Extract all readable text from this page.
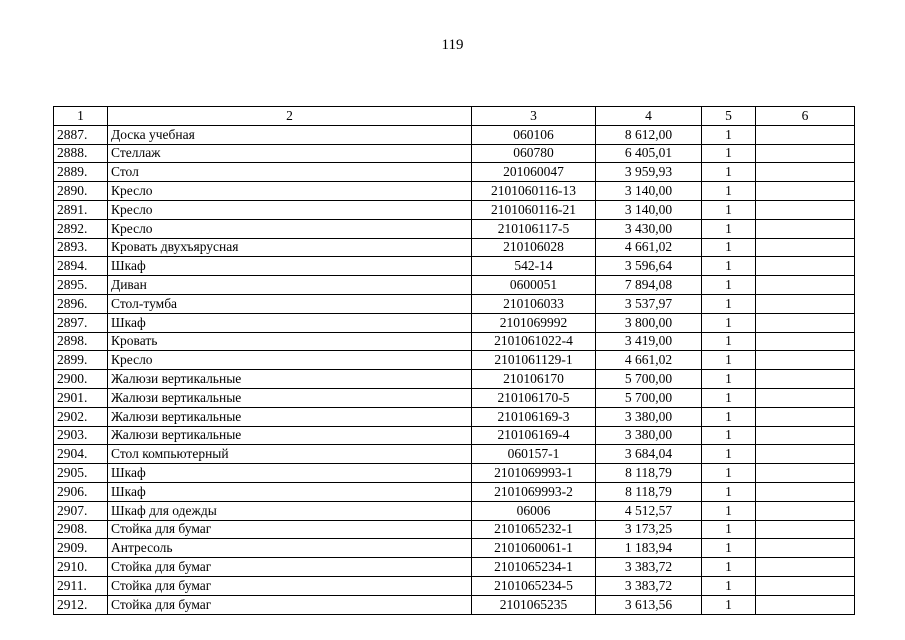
119
1	2	3	4	5	6
2887.	Доска учебная	060106	8 612,00	1	
2888.	Стеллаж	060780	6 405,01	1	
2889.	Стол	201060047	3 959,93	1	
2890.	Кресло	2101060116-13	3 140,00	1	
2891.	Кресло	2101060116-21	3 140,00	1	
2892.	Кресло	210106117-5	3 430,00	1	
2893.	Кровать двухъярусная	210106028	4 661,02	1	
2894.	Шкаф	542-14	3 596,64	1	
2895.	Диван	0600051	7 894,08	1	
2896.	Стол-тумба	210106033	3 537,97	1	
2897.	Шкаф	2101069992	3 800,00	1	
2898.	Кровать	2101061022-4	3 419,00	1	
2899.	Кресло	2101061129-1	4 661,02	1	
2900.	Жалюзи вертикальные	210106170	5 700,00	1	
2901.	Жалюзи вертикальные	210106170-5	5 700,00	1	
2902.	Жалюзи вертикальные	210106169-3	3 380,00	1	
2903.	Жалюзи вертикальные	210106169-4	3 380,00	1	
2904.	Стол компьютерный	060157-1	3 684,04	1	
2905.	Шкаф	2101069993-1	8 118,79	1	
2906.	Шкаф	2101069993-2	8 118,79	1	
2907.	Шкаф для одежды	06006	4 512,57	1	
2908.	Стойка для бумаг	2101065232-1	3 173,25	1	
2909.	Антресоль	2101060061-1	1 183,94	1	
2910.	Стойка для бумаг	2101065234-1	3 383,72	1	
2911.	Стойка для бумаг	2101065234-5	3 383,72	1	
2912.	Стойка для бумаг	2101065235	3 613,56	1	
